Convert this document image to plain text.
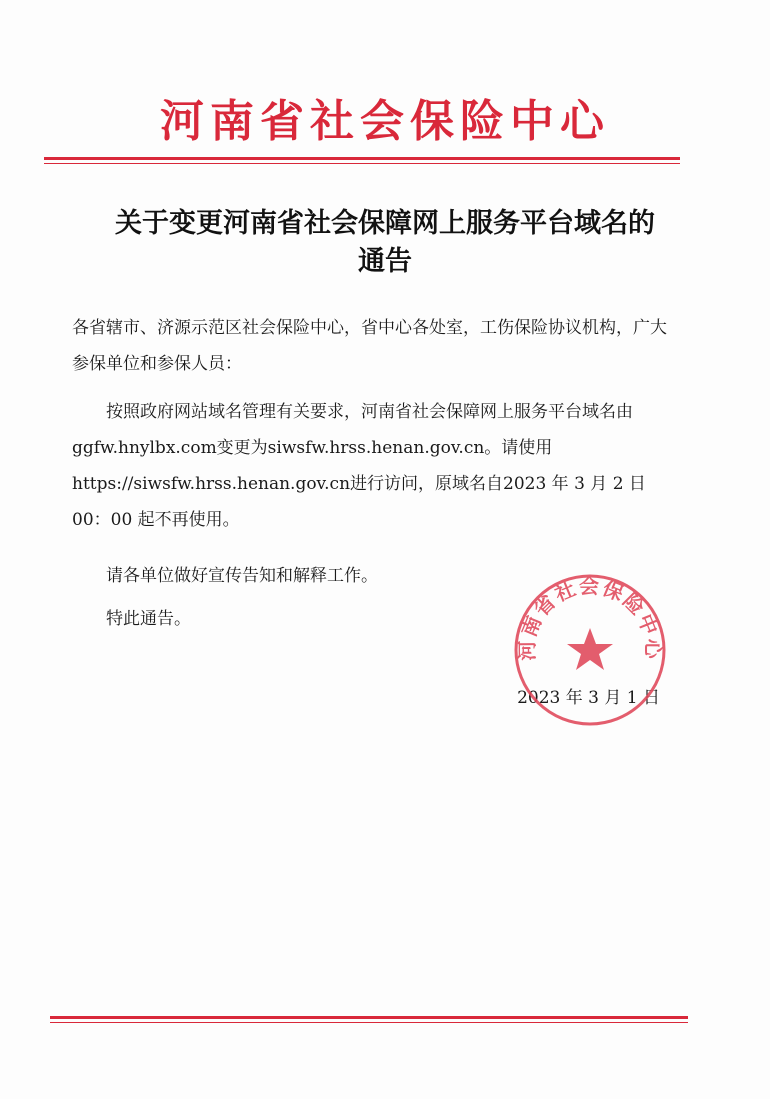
河南省社会保险中心
关于变更河南省社会保障网上服务平台域名的
通告
各省辖市、济源示范区社会保险中心，省中心各处室，工伤保险协议机构，广大参保单位和参保人员：
按照政府网站域名管理有关要求，河南省社会保障网上服务平台域名由ggfw.hnylbx.com变更为siwsfw.hrss.henan.gov.cn。请使用https://siwsfw.hrss.henan.gov.cn进行访问，原域名自2023 年 3 月 2 日 00：00 起不再使用。
请各单位做好宣传告知和解释工作。
特此通告。
2023 年 3 月 1 日
河南省社会保险中心
